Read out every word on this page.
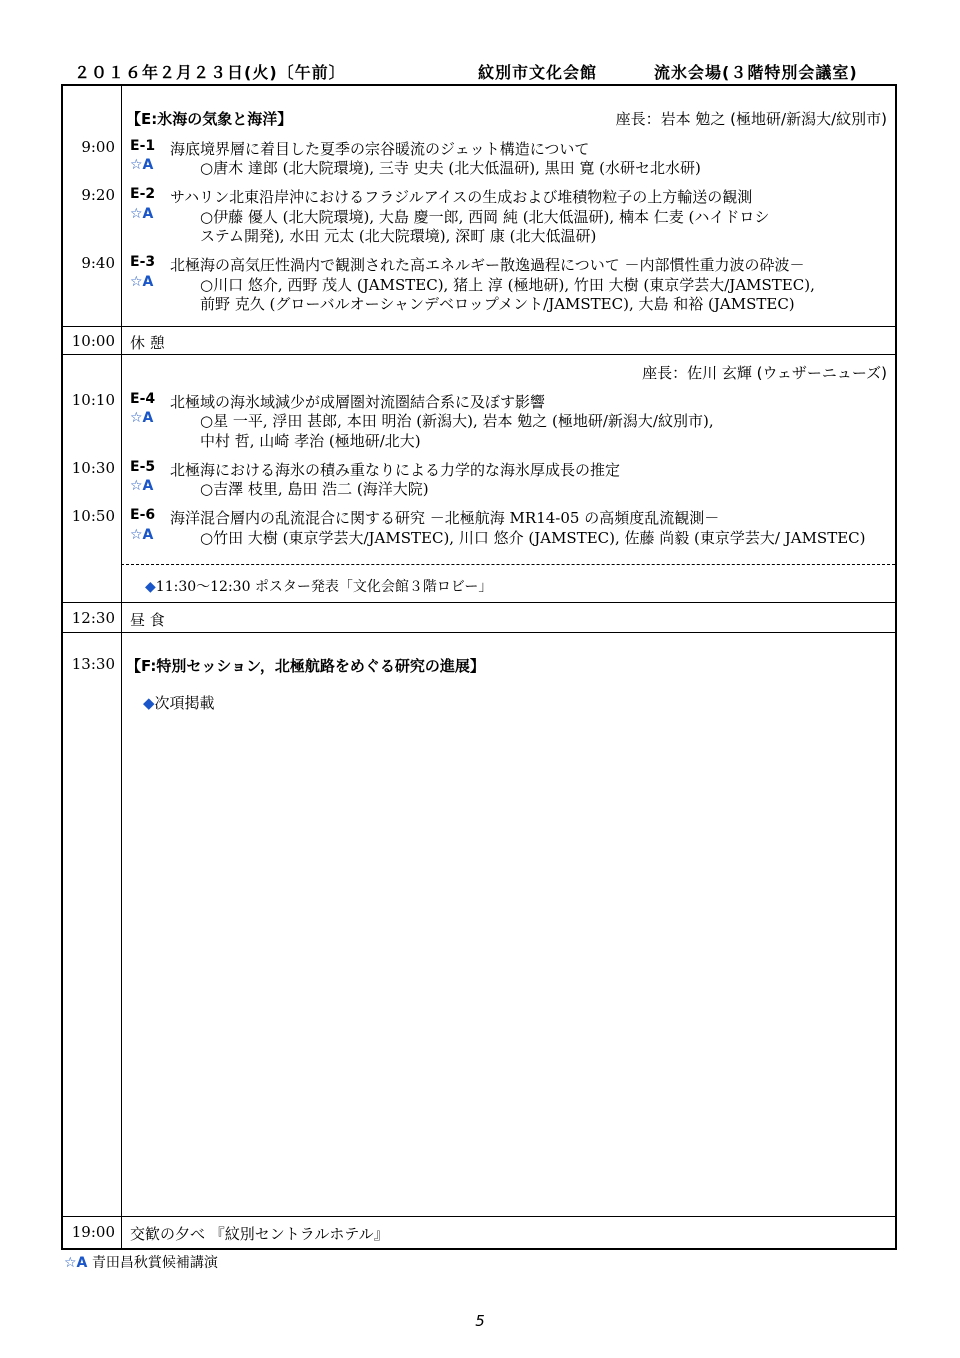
２０１６年２月２３日(火)〔午前〕	紋別市文化会館	流氷会場(３階特別会議室)
【E:氷海の気象と海洋】	座長：岩本 勉之 (極地研/新潟大/紋別市)
9:00 E-1 海底境界層に着目した夏季の宗谷暖流のジェット構造について
☆A	○唐木 達郎 (北大院環境), 三寺 史夫 (北大低温研), 黒田 寛 (水研セ北水研)
9:20 E-2 サハリン北東沿岸沖におけるフラジルアイスの生成および堆積物粒子の上方輸送の観測
☆A	○伊藤 優人 (北大院環境), 大島 慶一郎, 西岡 純 (北大低温研), 楠本 仁麦 (ハイドロシ
ステム開発), 水田 元太 (北大院環境), 深町 康 (北大低温研)
9:40 E-3 北極海の高気圧性渦内で観測された高エネルギー散逸過程について －内部慣性重力波の砕波－
☆A	○川口 悠介, 西野 茂人 (JAMSTEC), 猪上 淳 (極地研), 竹田 大樹 (東京学芸大/JAMSTEC),
前野 克久 (グローバルオーシャンデベロップメント/JAMSTEC), 大島 和裕 (JAMSTEC)
10:00 休 憩
座長：佐川 玄輝 (ウェザーニューズ)
10:10 E-4 北極域の海氷域減少が成層圏対流圏結合系に及ぼす影響
☆A	○星 一平, 浮田 甚郎, 本田 明治 (新潟大), 岩本 勉之 (極地研/新潟大/紋別市),
中村 哲, 山崎 孝治 (極地研/北大)
10:30 E-5 北極海における海氷の積み重なりによる力学的な海氷厚成長の推定
☆A	○吉澤 枝里, 島田 浩二 (海洋大院)
10:50 E-6 海洋混合層内の乱流混合に関する研究 －北極航海 MR14-05 の高頻度乱流観測－
☆A	○竹田 大樹 (東京学芸大/JAMSTEC), 川口 悠介 (JAMSTEC), 佐藤 尚毅 (東京学芸大/ JAMSTEC)
◆11:30～12:30 ポスター発表「文化会館３階ロビー」
12:30 昼 食
13:30 【F:特別セッション，北極航路をめぐる研究の進展】
◆次項掲載
19:00 交歓の夕べ 『紋別セントラルホテル』
☆A 青田昌秋賞候補講演
5
